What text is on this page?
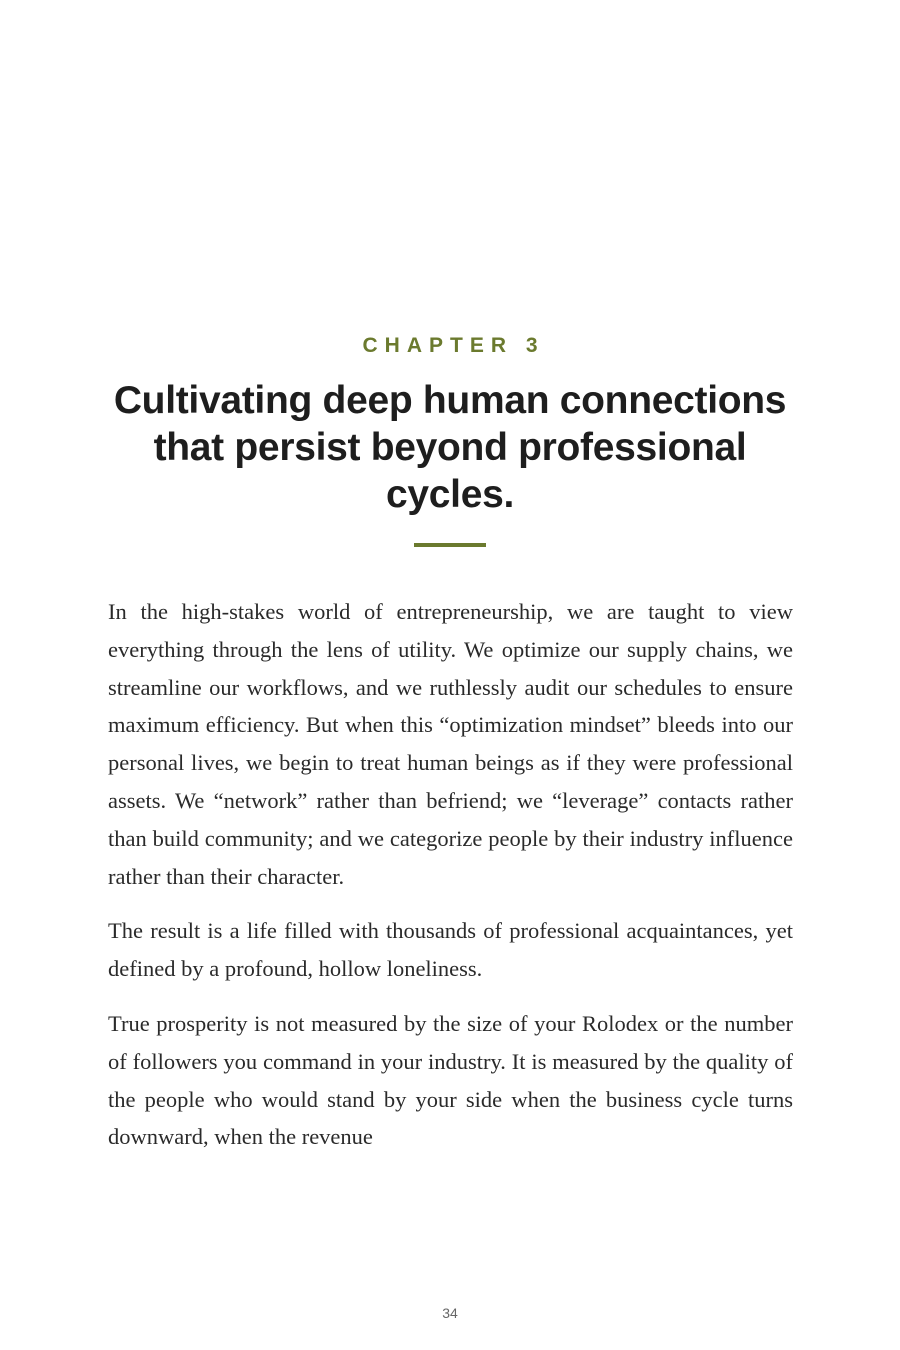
CHAPTER 3
Cultivating deep human connections that persist beyond professional cycles.

In the high-stakes world of entrepreneurship, we are taught to view everything through the lens of utility. We optimize our supply chains, we streamline our workflows, and we ruthlessly audit our schedules to ensure maximum efficiency. But when this “optimization mindset” bleeds into our personal lives, we begin to treat human beings as if they were professional assets. We “network” rather than befriend; we “leverage” contacts rather than build community; and we categorize people by their industry influence rather than their character.

The result is a life filled with thousands of professional acquaintances, yet defined by a profound, hollow loneliness.

True prosperity is not measured by the size of your Rolodex or the number of followers you command in your industry. It is measured by the quality of the people who would stand by your side when the business cycle turns downward, when the revenue

34
